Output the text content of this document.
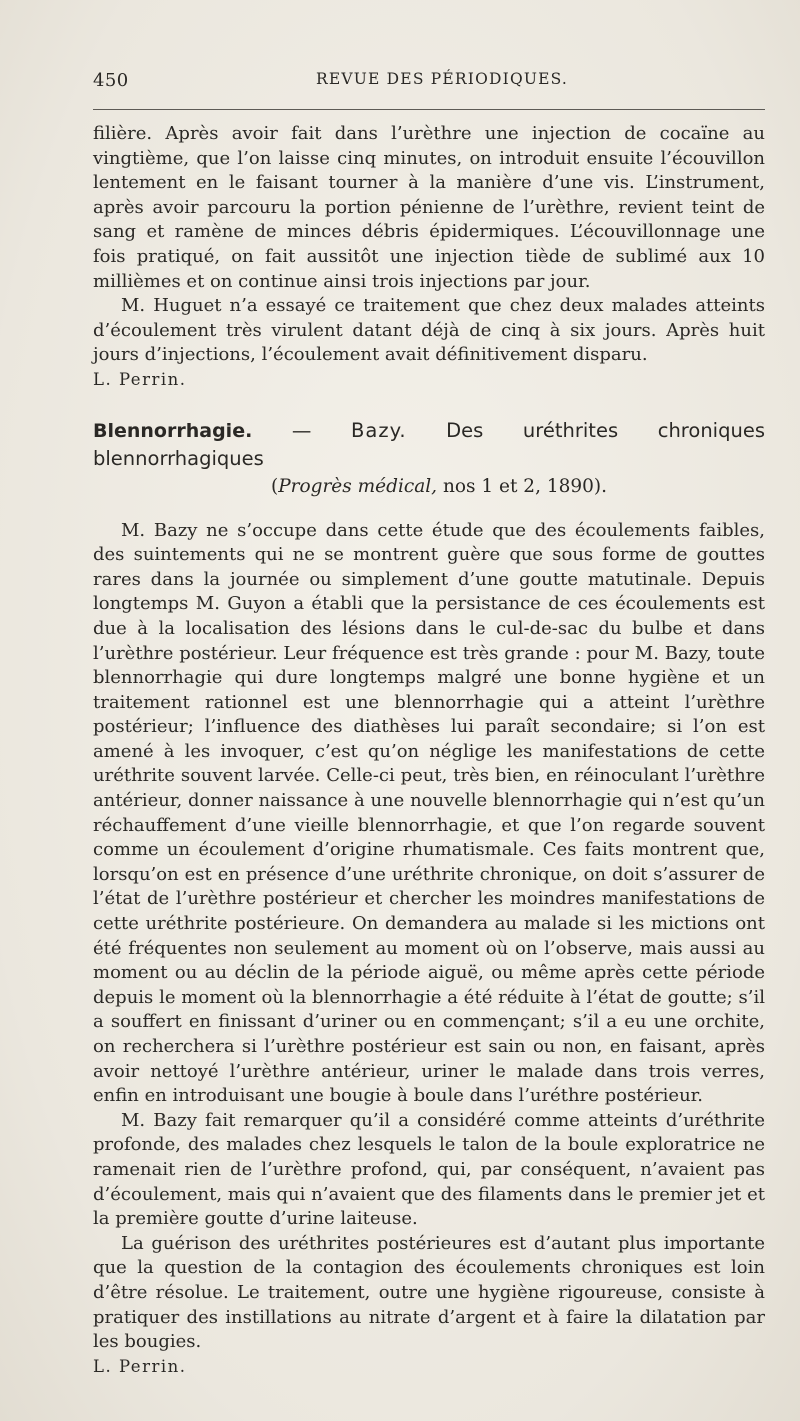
450	REVUE DES PÉRIODIQUES.

filière. Après avoir fait dans l’urèthre une injection de cocaïne au vingtième, que l’on laisse cinq minutes, on introduit ensuite l’écouvillon lentement en le faisant tourner à la manière d’une vis. L’instrument, après avoir parcouru la portion pénienne de l’urèthre, revient teint de sang et ramène de minces débris épidermiques. L’écouvillonnage une fois pratiqué, on fait aussitôt une injection tiède de sublimé aux 10 millièmes et on continue ainsi trois injections par jour.

M. Huguet n’a essayé ce traitement que chez deux malades atteints d’écoulement très virulent datant déjà de cinq à six jours. Après huit jours d’injections, l’écoulement avait définitivement disparu.

L. Perrin.

Blennorrhagie. — Bazy. Des uréthrites chroniques blennorrhagiques
(Progrès médical, nos 1 et 2, 1890).

M. Bazy ne s’occupe dans cette étude que des écoulements faibles, des suintements qui ne se montrent guère que sous forme de gouttes rares dans la journée ou simplement d’une goutte matutinale. Depuis longtemps M. Guyon a établi que la persistance de ces écoulements est due à la localisation des lésions dans le cul-de-sac du bulbe et dans l’urèthre postérieur. Leur fréquence est très grande : pour M. Bazy, toute blennorrhagie qui dure longtemps malgré une bonne hygiène et un traitement rationnel est une blennorrhagie qui a atteint l’urèthre postérieur; l’influence des diathèses lui paraît secondaire; si l’on est amené à les invoquer, c’est qu’on néglige les manifestations de cette uréthrite souvent larvée. Celle-ci peut, très bien, en réinoculant l’urèthre antérieur, donner naissance à une nouvelle blennorrhagie qui n’est qu’un réchauffement d’une vieille blennorrhagie, et que l’on regarde souvent comme un écoulement d’origine rhumatismale. Ces faits montrent que, lorsqu’on est en présence d’une uréthrite chronique, on doit s’assurer de l’état de l’urèthre postérieur et chercher les moindres manifestations de cette uréthrite postérieure. On demandera au malade si les mictions ont été fréquentes non seulement au moment où on l’observe, mais aussi au moment ou au déclin de la période aiguë, ou même après cette période depuis le moment où la blennorrhagie a été réduite à l’état de goutte; s’il a souffert en finissant d’uriner ou en commençant; s’il a eu une orchite, on recherchera si l’urèthre postérieur est sain ou non, en faisant, après avoir nettoyé l’urèthre antérieur, uriner le malade dans trois verres, enfin en introduisant une bougie à boule dans l’uréthre postérieur.

M. Bazy fait remarquer qu’il a considéré comme atteints d’uréthrite profonde, des malades chez lesquels le talon de la boule exploratrice ne ramenait rien de l’urèthre profond, qui, par conséquent, n’avaient pas d’écoulement, mais qui n’avaient que des filaments dans le premier jet et la première goutte d’urine laiteuse.

La guérison des uréthrites postérieures est d’autant plus importante que la question de la contagion des écoulements chroniques est loin d’être résolue. Le traitement, outre une hygiène rigoureuse, consiste à pratiquer des instillations au nitrate d’argent et à faire la dilatation par les bougies.

L. Perrin.
